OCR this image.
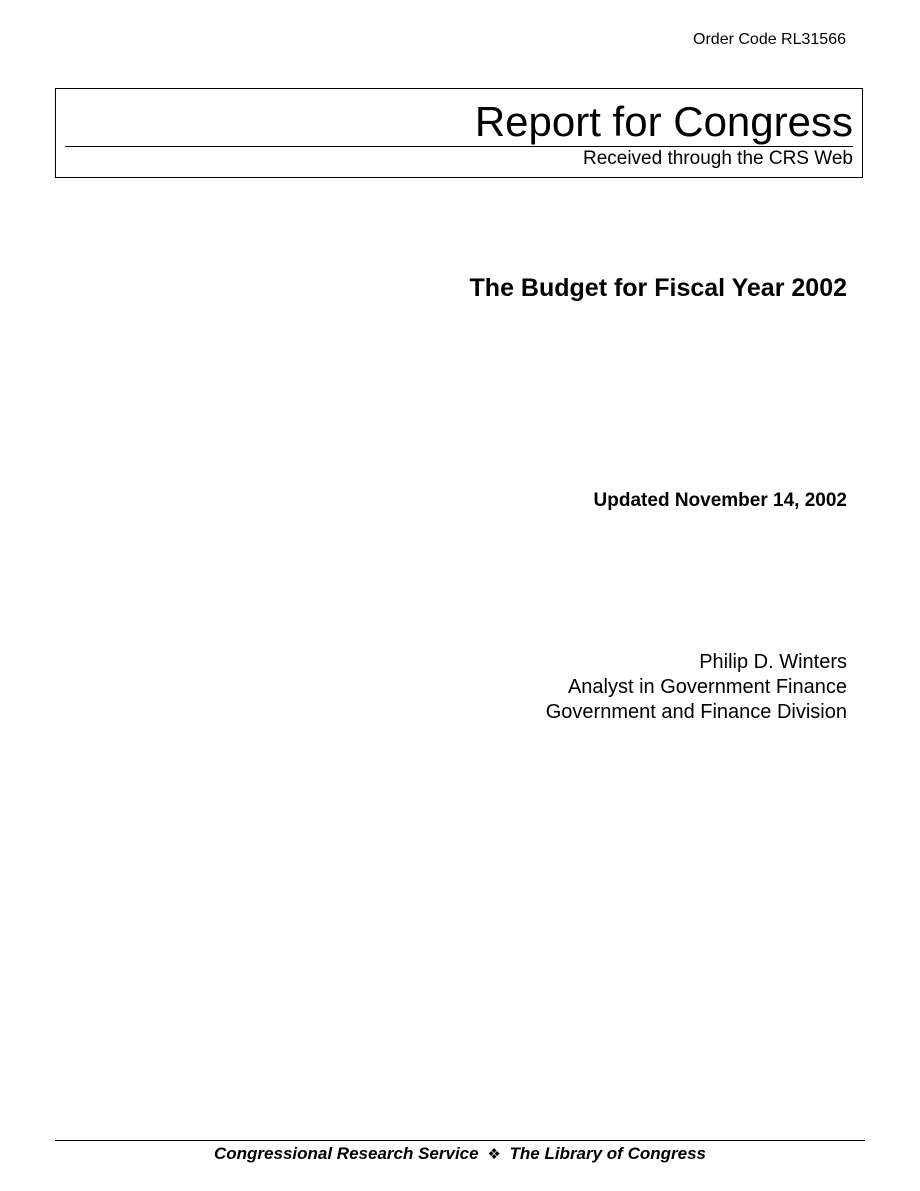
Order Code RL31566
Report for Congress
Received through the CRS Web
The Budget for Fiscal Year 2002
Updated November 14, 2002
Philip D. Winters
Analyst in Government Finance
Government and Finance Division
Congressional Research Service ❖ The Library of Congress
